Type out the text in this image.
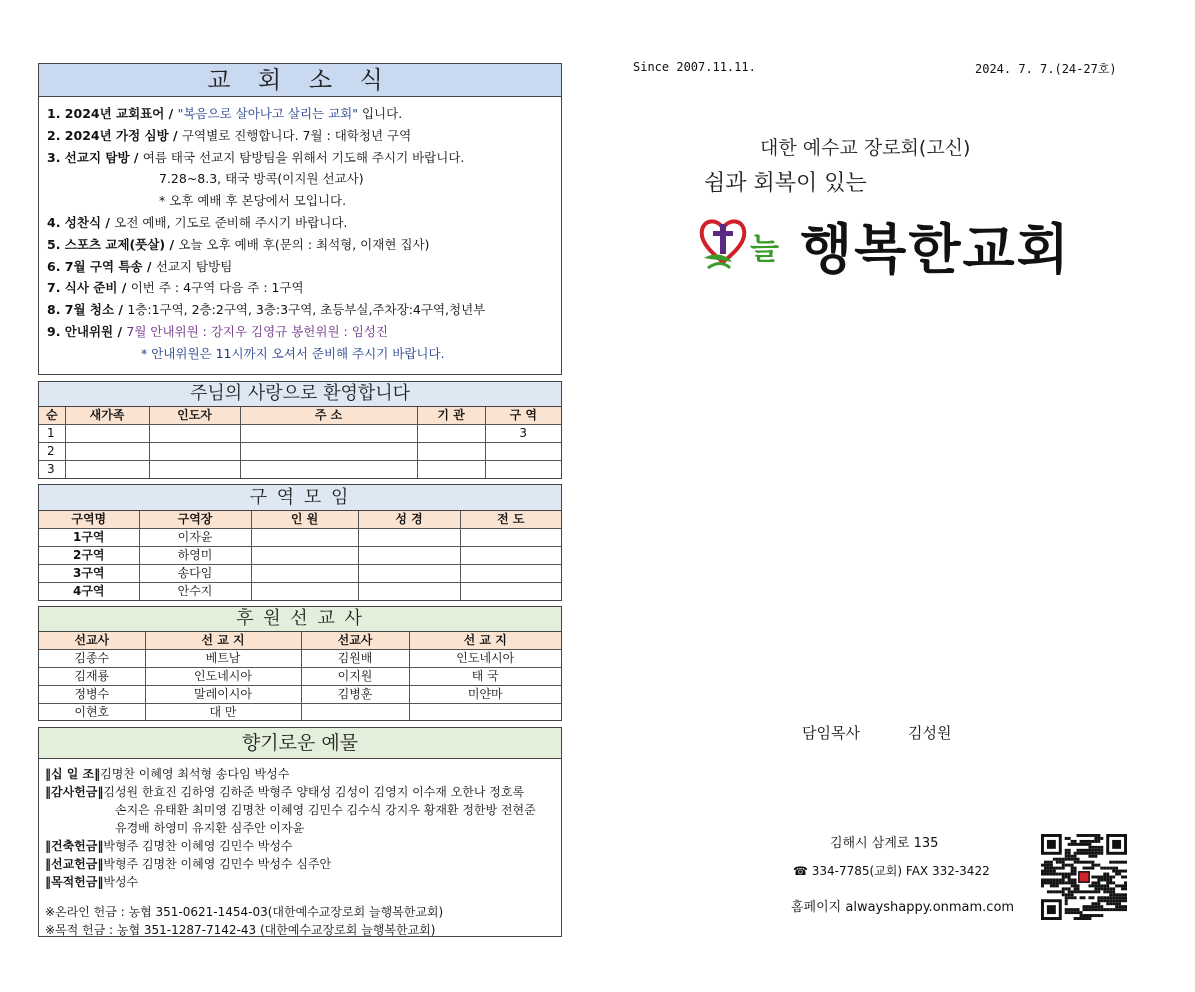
교 회 소 식
1. 2024년 교회표어 / "복음으로 살아나고 살리는 교회" 입니다.
2. 2024년 가정 심방 / 구역별로 진행합니다. 7월 : 대학청년 구역
3. 선교지 탐방 / 여름 태국 선교지 탐방팀을 위해서 기도해 주시기 바랍니다.
7.28~8.3, 태국 방콕(이지원 선교사)
* 오후 예배 후 본당에서 모입니다.
4. 성찬식 / 오전 예배, 기도로 준비해 주시기 바랍니다.
5. 스포츠 교제(풋살) / 오늘 오후 예배 후(문의 : 최석형, 이재현 집사)
6. 7월 구역 특송 / 선교지 탐방팀
7. 식사 준비 / 이번 주 : 4구역 다음 주 : 1구역
8. 7월 청소 / 1층:1구역, 2층:2구역, 3층:3구역, 초등부실,주차장:4구역,청년부
9. 안내위원 / 7월 안내위원 : 강지우 김영규 봉헌위원 : 임성진
* 안내위원은 11시까지 오셔서 준비해 주시기 바랍니다.
주님의 사랑으로 환영합니다
순	새가족	인도자	주 소	기 관	구 역
1					3
2					
3					
구 역 모 임
구역명	구역장	인 원	성 경	전 도
1구역	이자윤			
2구역	하영미			
3구역	송다임			
4구역	안수지			
후 원 선 교 사
선교사	선 교 지	선교사	선 교 지
김종수	베트남	김원배	인도네시아
김재룡	인도네시아	이지원	태 국
정병수	말레이시아	김병훈	미얀마
이현호	대 만		
향기로운 예물
‖십 일 조‖김명찬 이혜영 최석형 송다임 박성수
‖감사헌금‖김성원 한효진 김하영 김하준 박형주 양태성 김성이 김영지 이수재 오한나 정호록
손지은 유태환 최미영 김명찬 이혜영 김민수 김수식 강지우 황재환 정한방 전현준
유경배 하영미 유지환 심주안 이자윤
‖건축헌금‖박형주 김명찬 이혜영 김민수 박성수
‖선교헌금‖박형주 김명찬 이혜영 김민수 박성수 심주안
‖목적헌금‖박성수
※온라인 헌금 : 농협 351-0621-1454-03(대한예수교장로회 늘행복한교회)
※목적 헌금 : 농협 351-1287-7142-43 (대한예수교장로회 늘행복한교회)
Since 2007.11.11.	2024. 7. 7.(24-27호)
대한 예수교 장로회(고신)
쉼과 회복이 있는
늘 행복한교회
담임목사	김성원
김해시 삼계로 135
☎ 334-7785(교회) FAX 332-3422
홈페이지 alwayshappy.onmam.com
